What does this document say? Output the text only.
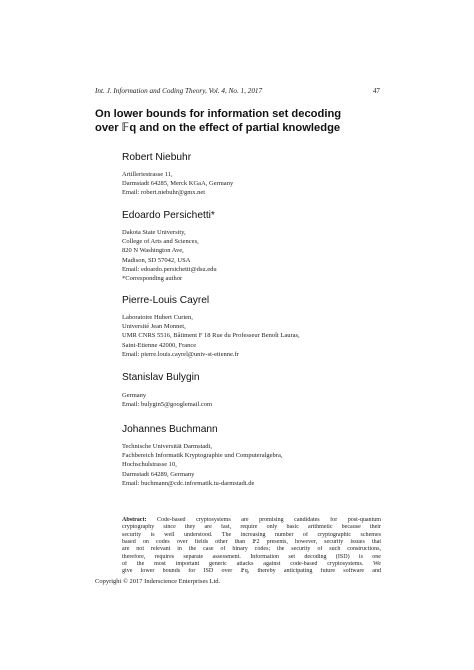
Int. J. Information and Coding Theory, Vol. 4, No. 1, 2017	47
On lower bounds for information set decoding
over 𝔽q and on the effect of partial knowledge
Robert Niebuhr
Artilleriestrasse 11,
Darmstadt 64285, Merck KGaA, Germany
Email: robert.niebuhr@gmx.net
Edoardo Persichetti*
Dakota State University,
College of Arts and Sciences,
820 N Washington Ave,
Madison, SD 57042, USA
Email: edoardo.persichetti@dsu.edu
*Corresponding author
Pierre-Louis Cayrel
Laboratoire Hubert Curien,
Université Jean Monnet,
UMR CNRS 5516, Bâtiment F 18 Rue du Professeur Benoît Lauras,
Saint-Etienne 42000, France
Email: pierre.louis.cayrel@univ-st-etienne.fr
Stanislav Bulygin
Germany
Email: bulygin5@googlemail.com
Johannes Buchmann
Technische Universität Darmstadt,
Fachbereich Informatik Kryptographie und Computeralgebra,
Hochschulstrasse 10,
Darmstadt 64289, Germany
Email: buchmann@cdc.informatik.tu-darmstadt.de
Abstract: Code-based cryptosystems are promising candidates for post-quantum
cryptography since they are fast, require only basic arithmetic because their
security is well understood. The increasing number of cryptographic schemes
based on codes over fields other than 𝔽2 presents, however, security issues that
are not relevant in the case of binary codes; the security of such constructions,
therefore, requires separate assessment. Information set decoding (ISD) is one
of the most important generic attacks against code-based cryptosystems. We
give lower bounds for ISD over 𝔽q, thereby anticipating future software and
Copyright © 2017 Inderscience Enterprises Ltd.
